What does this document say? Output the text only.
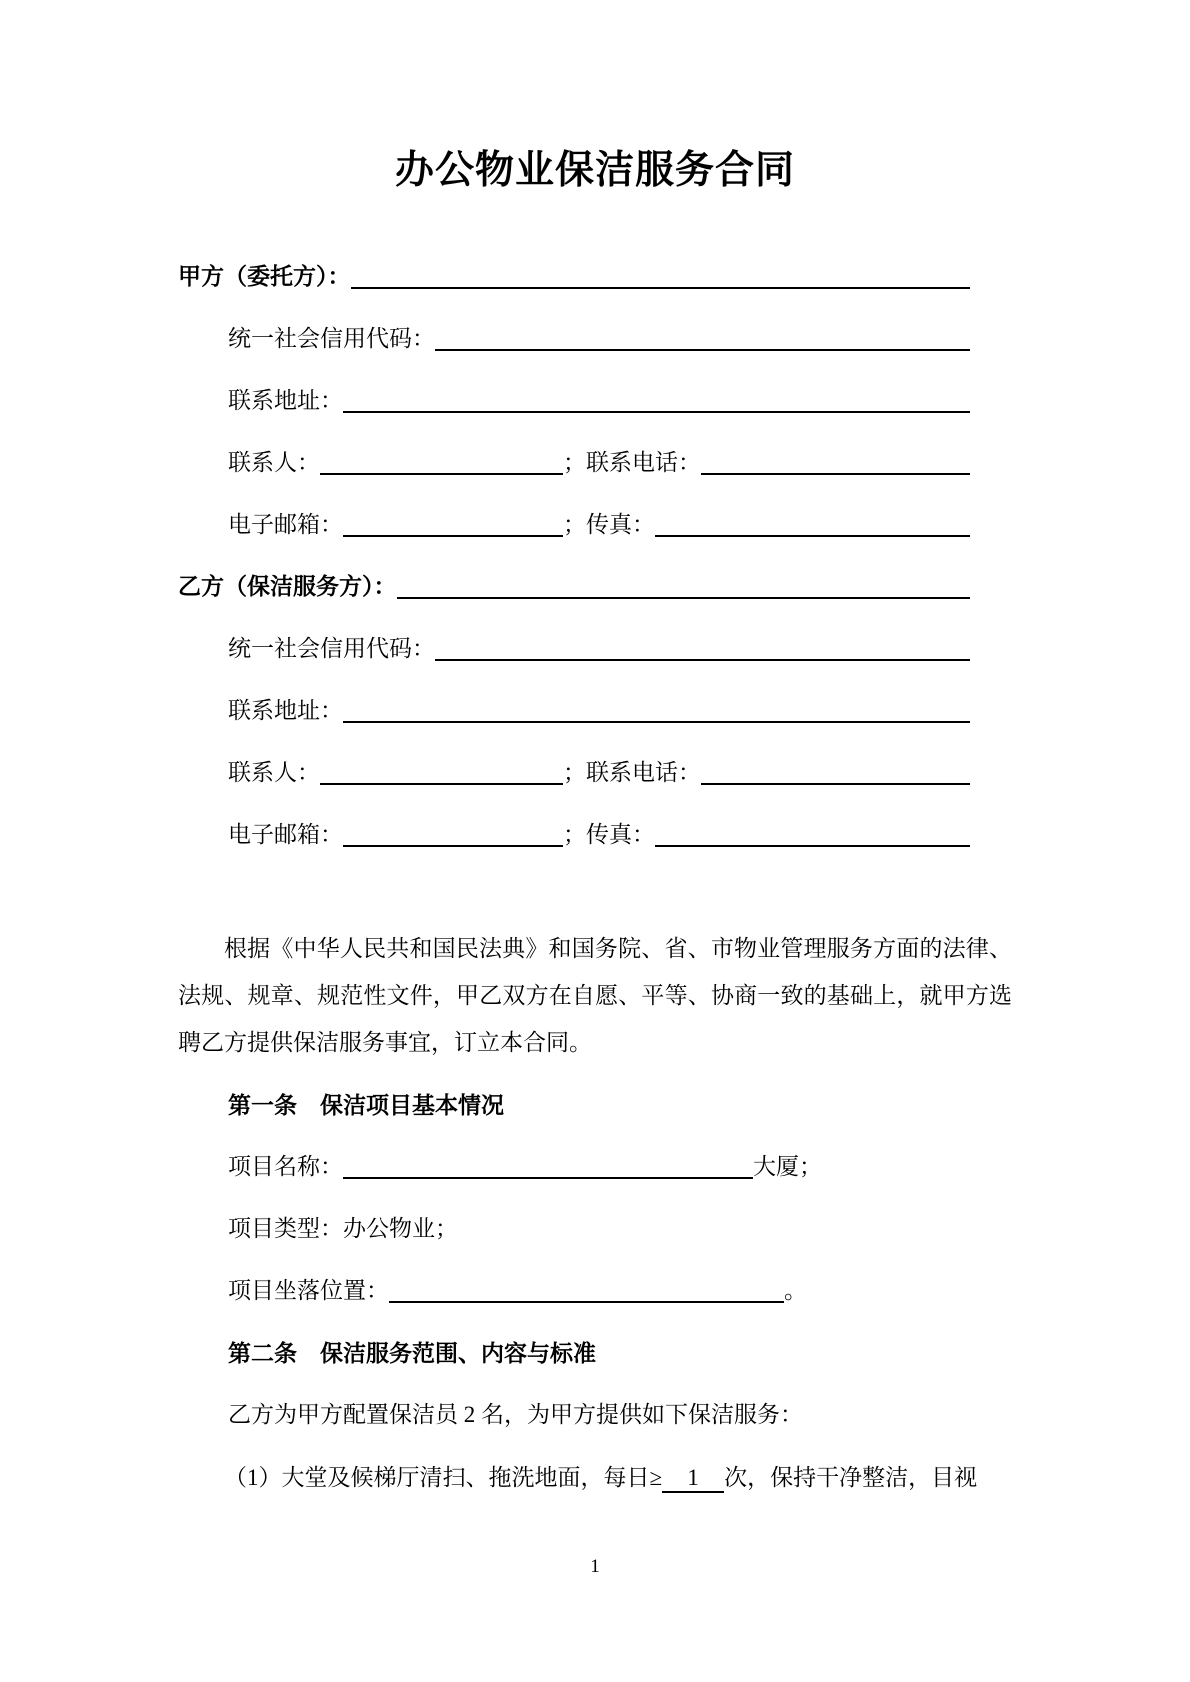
办公物业保洁服务合同
甲方（委托方）：
统一社会信用代码：
联系地址：
联系人：	；联系电话：
电子邮箱：	；传真：
乙方（保洁服务方）：
统一社会信用代码：
联系地址：
联系人：	；联系电话：
电子邮箱：	；传真：

根据《中华人民共和国民法典》和国务院、省、市物业管理服务方面的法律、法规、规章、规范性文件，甲乙双方在自愿、平等、协商一致的基础上，就甲方选聘乙方提供保洁服务事宜，订立本合同。

第一条　保洁项目基本情况
项目名称：	大厦；
项目类型： 办公物业；
项目坐落位置：	。
第二条　保洁服务范围、内容与标准
乙方为甲方配置保洁员 2 名，为甲方提供如下保洁服务：
（1）大堂及候梯厅清扫、拖洗地面，每日≥ 1 次，保持干净整洁，目视
1
